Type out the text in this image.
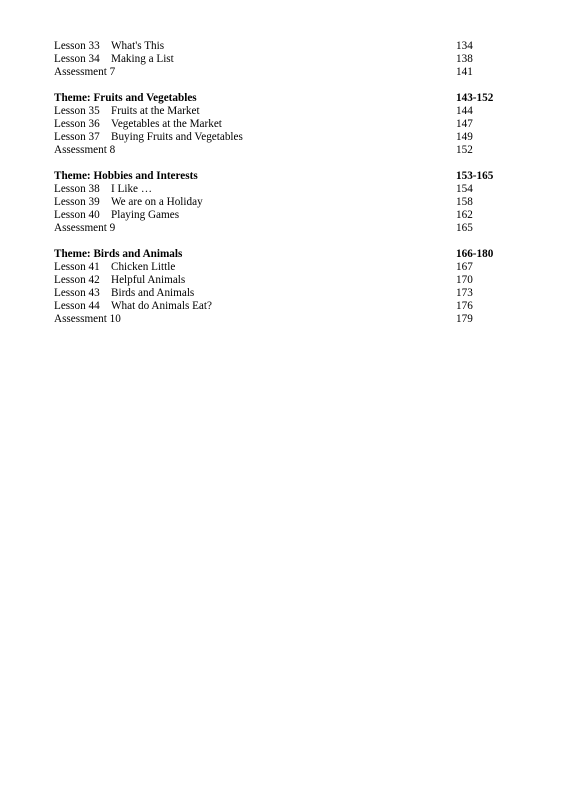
Lesson 33 What's This	134
Lesson 34 Making a List	138
Assessment 7	141
Theme: Fruits and Vegetables	143-152
Lesson 35 Fruits at the Market	144
Lesson 36 Vegetables at the Market	147
Lesson 37 Buying Fruits and Vegetables	149
Assessment 8	152
Theme: Hobbies and Interests	153-165
Lesson 38 I Like …	154
Lesson 39 We are on a Holiday	158
Lesson 40 Playing Games	162
Assessment 9	165
Theme: Birds and Animals	166-180
Lesson 41 Chicken Little	167
Lesson 42 Helpful Animals	170
Lesson 43 Birds and Animals	173
Lesson 44 What do Animals Eat?	176
Assessment 10	179
